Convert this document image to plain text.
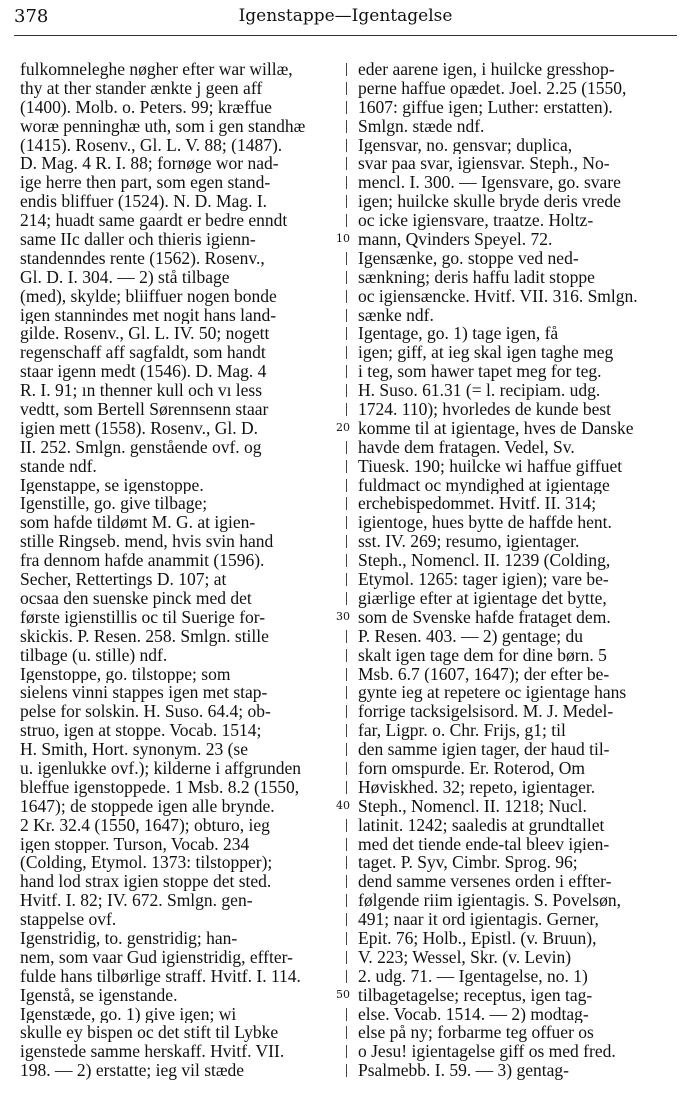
378	Igenstappe—Igentagelse
fulkomneleghe nøgher efter war willæ,
thy at ther stander ænkte j geen aff
(1400). Molb. o. Peters. 99; kræffue
woræ penninghæ uth, som i gen standhæ
(1415). Rosenv., Gl. L. V. 88; (1487).
D. Mag. 4 R. I. 88; fornøge wor nad-
ige herre then part, som egen stand-
endis bliffuer (1524). N. D. Mag. I.
214; huadt same gaardt er bedre enndt
same IIc daller och thieris igienn-
standenndes rente (1562). Rosenv.,
Gl. D. I. 304. — 2) stå tilbage
(med), skylde; bliiffuer nogen bonde
igen stannindes met nogit hans land-
gilde. Rosenv., Gl. L. IV. 50; nogett
regenschaff aff sagfaldt, som handt
staar igenn medt (1546). D. Mag. 4
R. I. 91; ın thenner kull och vı less
vedtt, som Bertell Sørennsenn staar
igien mett (1558). Rosenv., Gl. D.
II. 252. Smlgn. genstående ovf. og
stande ndf.
Igenstappe, se igenstoppe.
Igenstille, go. give tilbage;
som hafde tildømt M. G. at igien-
stille Ringseb. mend, hvis svin hand
fra dennom hafde anammit (1596).
Secher, Rettertings D. 107; at
ocsaa den suenske pinck med det
første igienstillis oc til Suerige for-
skickis. P. Resen. 258. Smlgn. stille
tilbage (u. stille) ndf.
Igenstoppe, go. tilstoppe; som
sielens vinni stappes igen met stap-
pelse for solskin. H. Suso. 64.4; ob-
struo, igen at stoppe. Vocab. 1514;
H. Smith, Hort. synonym. 23 (se
u. igenlukke ovf.); kilderne i affgrunden
bleffue igenstoppede. 1 Msb. 8.2 (1550,
1647); de stoppede igen alle brynde.
2 Kr. 32.4 (1550, 1647); obturo, ieg
igen stopper. Turson, Vocab. 234
(Colding, Etymol. 1373: tilstopper);
hand lod strax igien stoppe det sted.
Hvitf. I. 82; IV. 672. Smlgn. gen-
stappelse ovf.
Igenstridig, to. genstridig; han-
nem, som vaar Gud igienstridig, effter-
fulde hans tilbørlige straff. Hvitf. I. 114.
Igenstå, se igenstande.
Igenstæde, go. 1) give igen; wi
skulle ey bispen oc det stift til Lybke
igenstede samme herskaff. Hvitf. VII.
198. — 2) erstatte; ieg vil stæde
10
20
30
40
50
eder aarene igen, i huilcke gresshop-
perne haffue opædet. Joel. 2.25 (1550,
1607: giffue igen; Luther: erstatten).
Smlgn. stæde ndf.
Igensvar, no. gensvar; duplica,
svar paa svar, igiensvar. Steph., No-
mencl. I. 300. — Igensvare, go. svare
igen; huilcke skulle bryde deris vrede
oc icke igiensvare, traatze. Holtz-
mann, Qvinders Speyel. 72.
Igensænke, go. stoppe ved ned-
sænkning; deris haffu ladit stoppe
oc igiensæncke. Hvitf. VII. 316. Smlgn.
sænke ndf.
Igentage, go. 1) tage igen, få
igen; giff, at ieg skal igen taghe meg
i teg, som hawer tapet meg for teg.
H. Suso. 61.31 (= l. recipiam. udg.
1724. 110); hvorledes de kunde best
komme til at igientage, hves de Danske
havde dem fratagen. Vedel, Sv.
Tiuesk. 190; huilcke wi haffue giffuet
fuldmact oc myndighed at igientage
erchebispedommet. Hvitf. II. 314;
igientoge, hues bytte de haffde hent.
sst. IV. 269; resumo, igientager.
Steph., Nomencl. II. 1239 (Colding,
Etymol. 1265: tager igien); vare be-
giærlige efter at igientage det bytte,
som de Svenske hafde frataget dem.
P. Resen. 403. — 2) gentage; du
skalt igen tage dem for dine børn. 5
Msb. 6.7 (1607, 1647); der efter be-
gynte ieg at repetere oc igientage hans
forrige tacksigelsisord. M. J. Medel-
far, Ligpr. o. Chr. Frijs, g1; til
den samme igien tager, der haud til-
forn omspurde. Er. Roterod, Om
Høviskhed. 32; repeto, igientager.
Steph., Nomencl. II. 1218; Nucl.
latinit. 1242; saaledis at grundtallet
med det tiende ende-tal bleev igien-
taget. P. Syv, Cimbr. Sprog. 96;
dend samme versenes orden i effter-
følgende riim igientagis. S. Povelsøn,
491; naar it ord igientagis. Gerner,
Epit. 76; Holb., Epistl. (v. Bruun),
V. 223; Wessel, Skr. (v. Levin)
2. udg. 71. — Igentagelse, no. 1)
tilbagetagelse; receptus, igen tag-
else. Vocab. 1514. — 2) modtag-
else på ny; forbarme teg offuer os
o Jesu! igientagelse giff os med fred.
Psalmebb. I. 59. — 3) gentag-
